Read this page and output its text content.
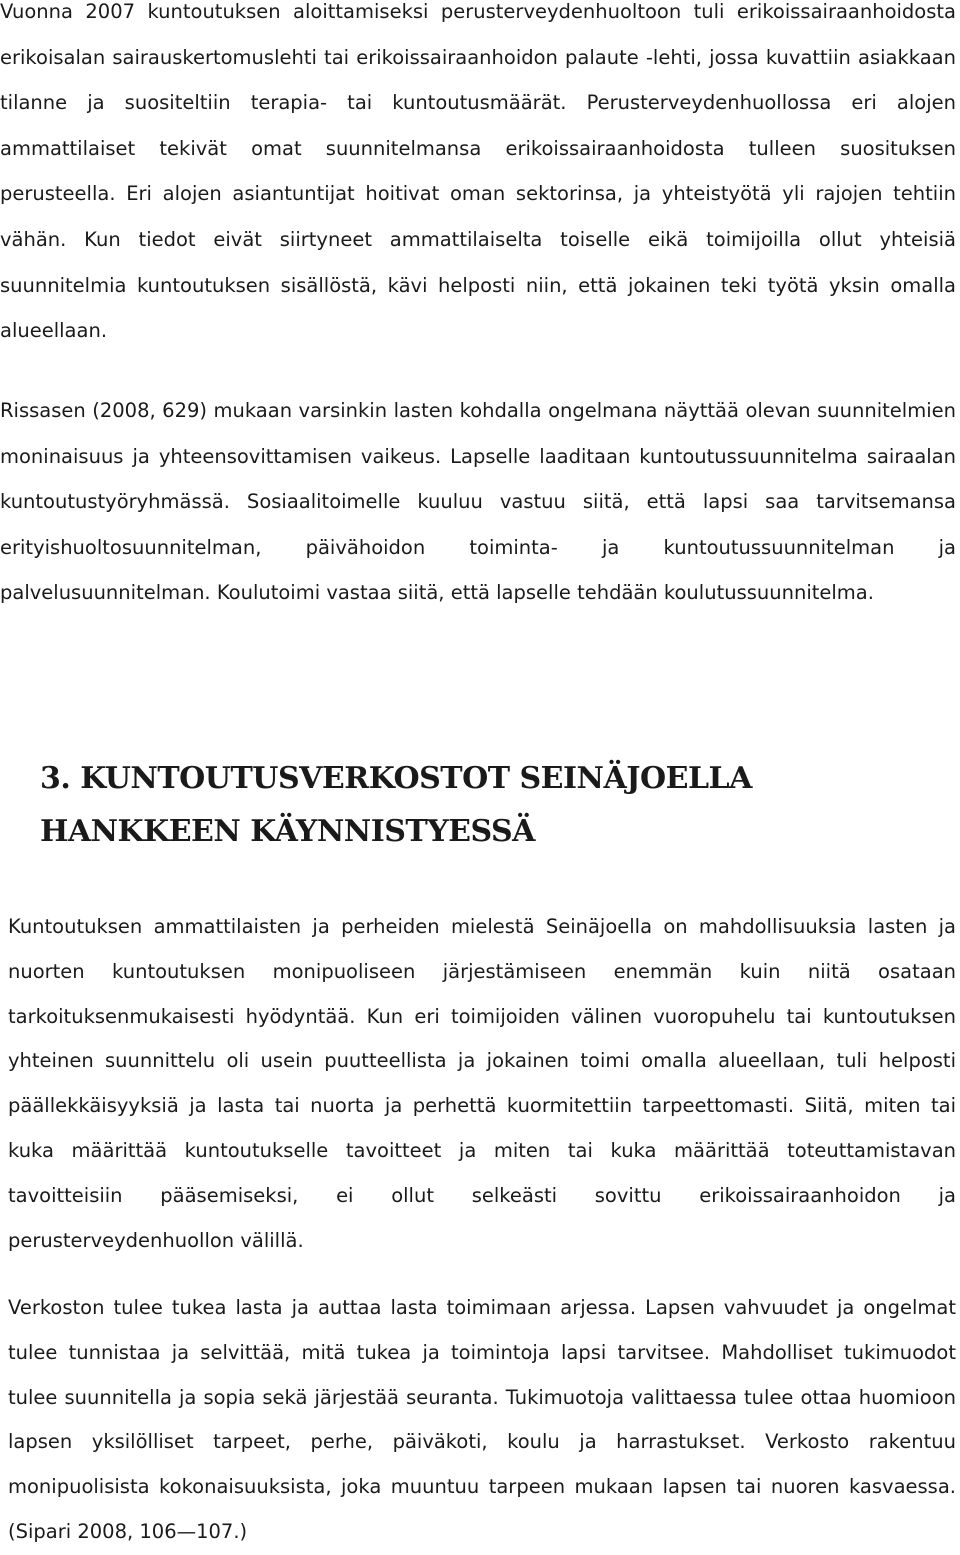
Vuonna 2007 kuntoutuksen aloittamiseksi perusterveydenhuoltoon tuli erikoissairaanhoidosta erikoisalan sairauskertomuslehti tai erikoissairaanhoidon palaute -lehti, jossa kuvattiin asiakkaan tilanne ja suositeltiin terapia- tai kuntoutusmäärät. Perusterveydenhuollossa eri alojen ammattilaiset tekivät omat suunnitelmansa erikoissairaanhoidosta tulleen suosituksen perusteella. Eri alojen asiantuntijat hoitivat oman sektorinsa, ja yhteistyötä yli rajojen tehtiin vähän. Kun tiedot eivät siirtyneet ammattilaiselta toiselle eikä toimijoilla ollut yhteisiä suunnitelmia kuntoutuksen sisällöstä, kävi helposti niin, että jokainen teki työtä yksin omalla alueellaan.

Rissasen (2008, 629) mukaan varsinkin lasten kohdalla ongelmana näyttää olevan suunnitelmien moninaisuus ja yhteensovittamisen vaikeus. Lapselle laaditaan kuntoutussuunnitelma sairaalan kuntoutustyöryhmässä. Sosiaalitoimelle kuuluu vastuu siitä, että lapsi saa tarvitsemansa erityishuoltosuunnitelman, päivähoidon toiminta- ja kuntoutussuunnitelman ja palvelusuunnitelman. Koulutoimi vastaa siitä, että lapselle tehdään koulutussuunnitelma.

3. KUNTOUTUSVERKOSTOT SEINÄJOELLA HANKKEEN KÄYNNISTYESSÄ

Kuntoutuksen ammattilaisten ja perheiden mielestä Seinäjoella on mahdollisuuksia lasten ja nuorten kuntoutuksen monipuoliseen järjestämiseen enemmän kuin niitä osataan tarkoituksenmukaisesti hyödyntää. Kun eri toimijoiden välinen vuoropuhelu tai kuntoutuksen yhteinen suunnittelu oli usein puutteellista ja jokainen toimi omalla alueellaan, tuli helposti päällekkäisyyksiä ja lasta tai nuorta ja perhettä kuormitettiin tarpeettomasti. Siitä, miten tai kuka määrittää kuntoutukselle tavoitteet ja miten tai kuka määrittää toteuttamistavan tavoitteisiin pääsemiseksi, ei ollut selkeästi sovittu erikoissairaanhoidon ja perusterveydenhuollon välillä.

Verkoston tulee tukea lasta ja auttaa lasta toimimaan arjessa. Lapsen vahvuudet ja ongelmat tulee tunnistaa ja selvittää, mitä tukea ja toimintoja lapsi tarvitsee. Mahdolliset tukimuodot tulee suunnitella ja sopia sekä järjestää seuranta. Tukimuotoja valittaessa tulee ottaa huomioon lapsen yksilölliset tarpeet, perhe, päiväkoti, koulu ja harrastukset. Verkosto rakentuu monipuolisista kokonaisuuksista, joka muuntuu tarpeen mukaan lapsen tai nuoren kasvaessa. (Sipari 2008, 106—107.)
